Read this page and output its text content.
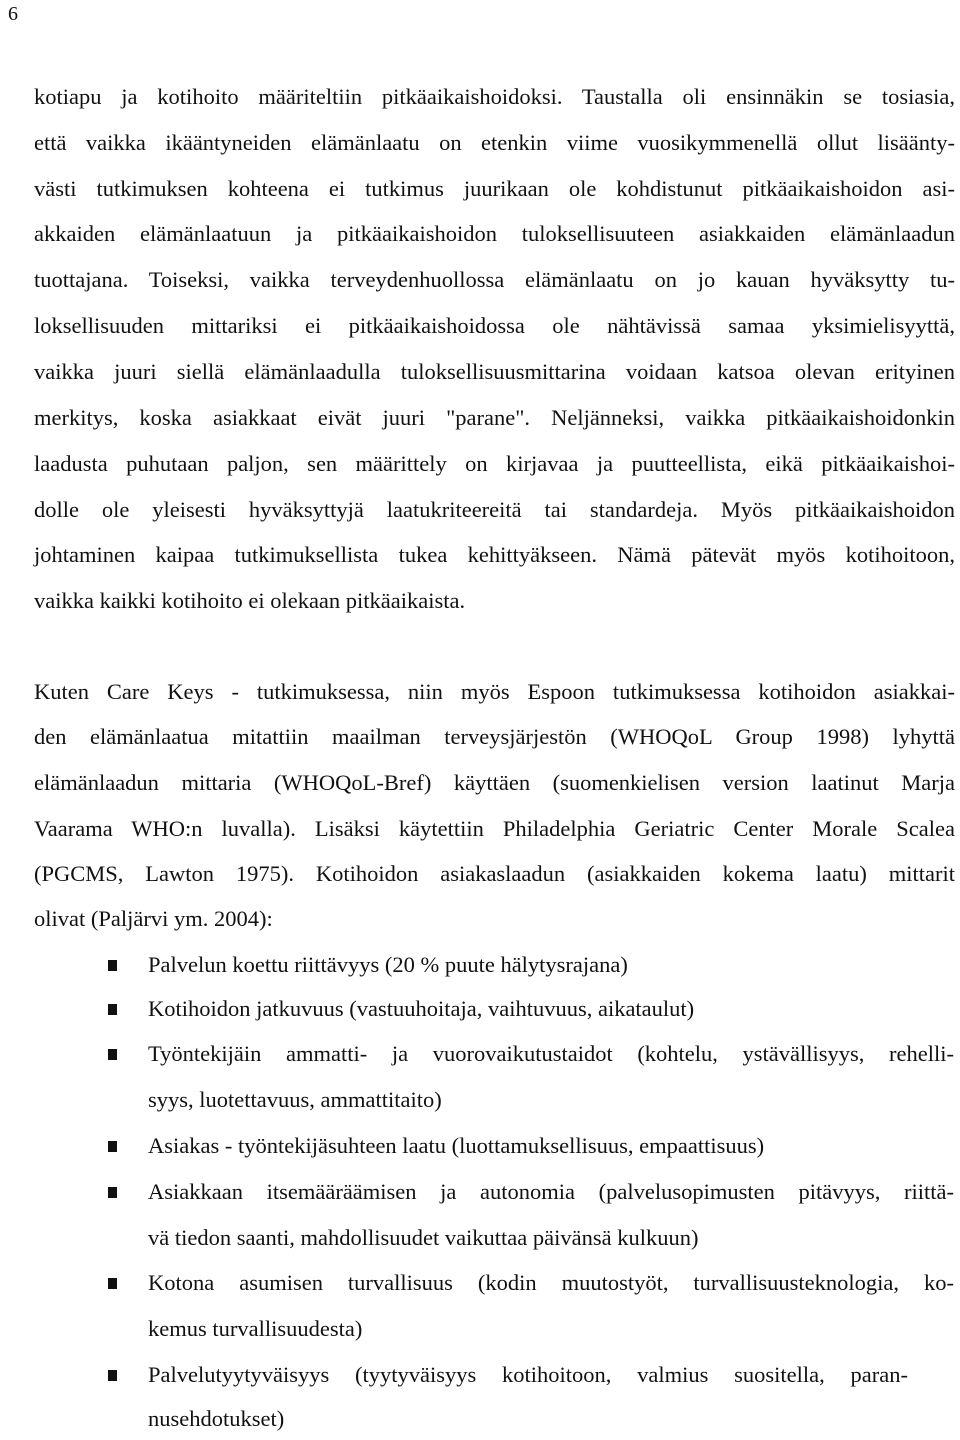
6
kotiapu ja kotihoito määriteltiin pitkäaikaishoidoksi. Taustalla oli ensinnäkin se tosiasia,
että vaikka ikääntyneiden elämänlaatu on etenkin viime vuosikymmenellä ollut lisäänty-
västi tutkimuksen kohteena ei tutkimus juurikaan ole kohdistunut pitkäaikaishoidon asi-
akkaiden elämänlaatuun ja pitkäaikaishoidon tuloksellisuuteen asiakkaiden elämänlaadun
tuottajana. Toiseksi, vaikka terveydenhuollossa elämänlaatu on jo kauan hyväksytty tu-
loksellisuuden mittariksi ei pitkäaikaishoidossa ole nähtävissä samaa yksimielisyyttä,
vaikka juuri siellä elämänlaadulla tuloksellisuusmittarina voidaan katsoa olevan erityinen
merkitys, koska asiakkaat eivät juuri "parane". Neljänneksi, vaikka pitkäaikaishoidonkin
laadusta puhutaan paljon, sen määrittely on kirjavaa ja puutteellista, eikä pitkäaikaishoi-
dolle ole yleisesti hyväksyttyjä laatukriteereitä tai standardeja. Myös pitkäaikaishoidon
johtaminen kaipaa tutkimuksellista tukea kehittyäkseen. Nämä pätevät myös kotihoitoon,
vaikka kaikki kotihoito ei olekaan pitkäaikaista.
Kuten Care Keys - tutkimuksessa, niin myös Espoon tutkimuksessa kotihoidon asiakkai-
den elämänlaatua mitattiin maailman terveysjärjestön (WHOQoL Group 1998) lyhyttä
elämänlaadun mittaria (WHOQoL-Bref) käyttäen (suomenkielisen version laatinut Marja
Vaarama WHO:n luvalla). Lisäksi käytettiin Philadelphia Geriatric Center Morale Scalea
(PGCMS, Lawton 1975). Kotihoidon asiakaslaadun (asiakkaiden kokema laatu) mittarit
olivat (Paljärvi ym. 2004):
Palvelun koettu riittävyys (20 % puute hälytysrajana)
Kotihoidon jatkuvuus (vastuuhoitaja, vaihtuvuus, aikataulut)
Työntekijäin ammatti- ja vuorovaikutustaidot (kohtelu, ystävällisyys, rehelli-
syys, luotettavuus, ammattitaito)
Asiakas - työntekijäsuhteen laatu (luottamuksellisuus, empaattisuus)
Asiakkaan itsemääräämisen ja autonomia (palvelusopimusten pitävyys, riittä-
vä tiedon saanti, mahdollisuudet vaikuttaa päivänsä kulkuun)
Kotona asumisen turvallisuus (kodin muutostyöt, turvallisuusteknologia, ko-
kemus turvallisuudesta)
Palvelutyytyväisyys (tyytyväisyys kotihoitoon, valmius suositella, paran-
nusehdotukset)
